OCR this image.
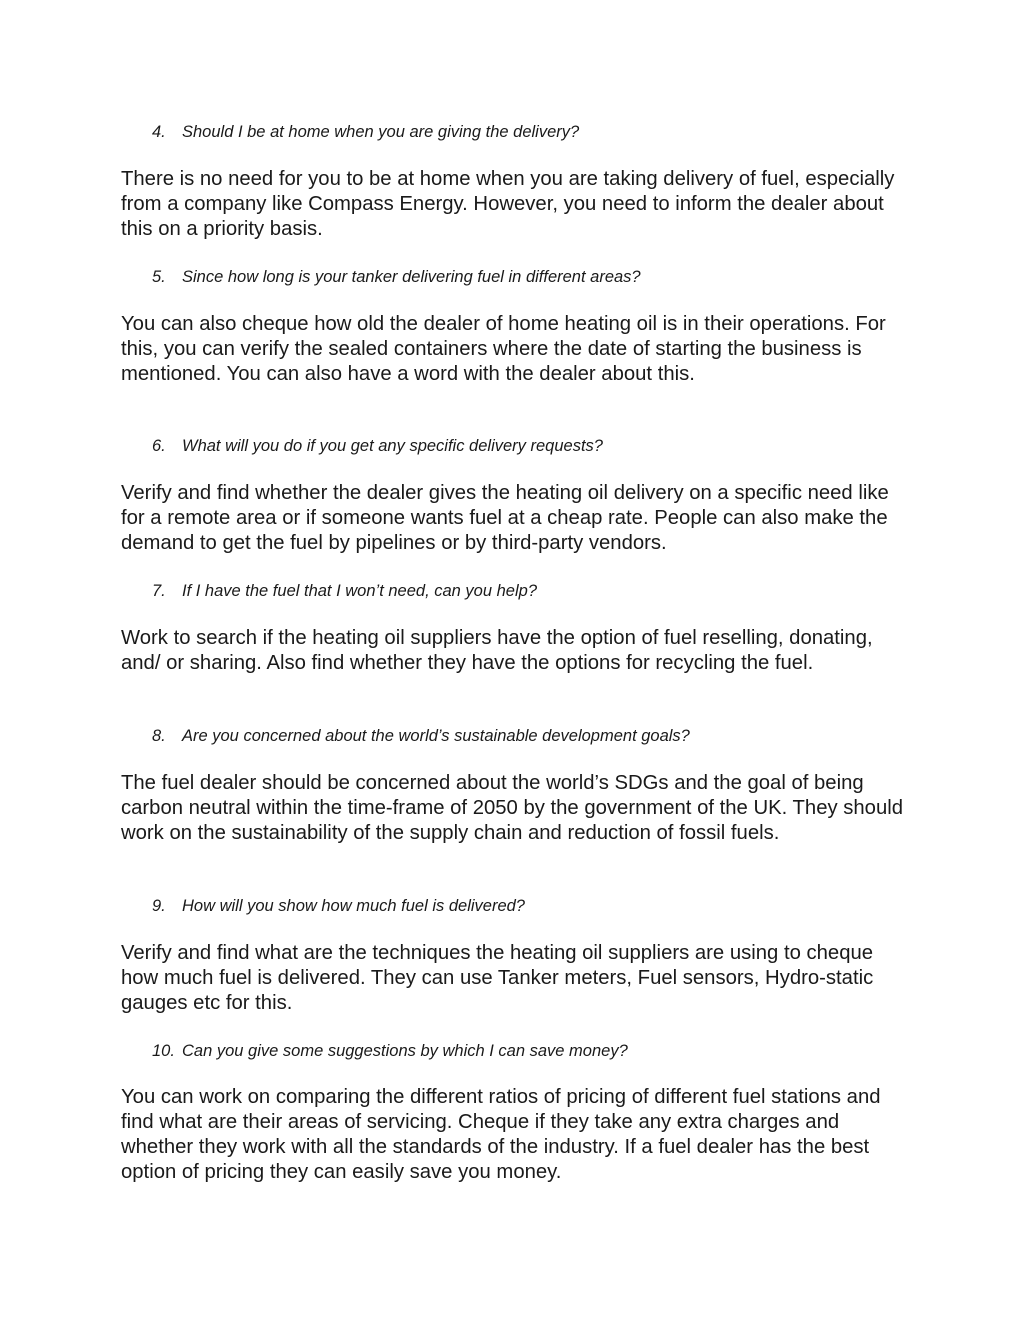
4. Should I be at home when you are giving the delivery?

There is no need for you to be at home when you are taking delivery of fuel, especially from a company like Compass Energy. However, you need to inform the dealer about this on a priority basis.

5. Since how long is your tanker delivering fuel in different areas?

You can also cheque how old the dealer of home heating oil is in their operations. For this, you can verify the sealed containers where the date of starting the business is mentioned. You can also have a word with the dealer about this.

6. What will you do if you get any specific delivery requests?

Verify and find whether the dealer gives the heating oil delivery on a specific need like for a remote area or if someone wants fuel at a cheap rate. People can also make the demand to get the fuel by pipelines or by third-party vendors.

7. If I have the fuel that I won’t need, can you help?

Work to search if the heating oil suppliers have the option of fuel reselling, donating, and/ or sharing. Also find whether they have the options for recycling the fuel.

8. Are you concerned about the world’s sustainable development goals?

The fuel dealer should be concerned about the world’s SDGs and the goal of being carbon neutral within the time-frame of 2050 by the government of the UK. They should work on the sustainability of the supply chain and reduction of fossil fuels.

9. How will you show how much fuel is delivered?

Verify and find what are the techniques the heating oil suppliers are using to cheque how much fuel is delivered. They can use Tanker meters, Fuel sensors, Hydro-static gauges etc for this.

10. Can you give some suggestions by which I can save money?

You can work on comparing the different ratios of pricing of different fuel stations and find what are their areas of servicing. Cheque if they take any extra charges and whether they work with all the standards of the industry. If a fuel dealer has the best option of pricing they can easily save you money.
